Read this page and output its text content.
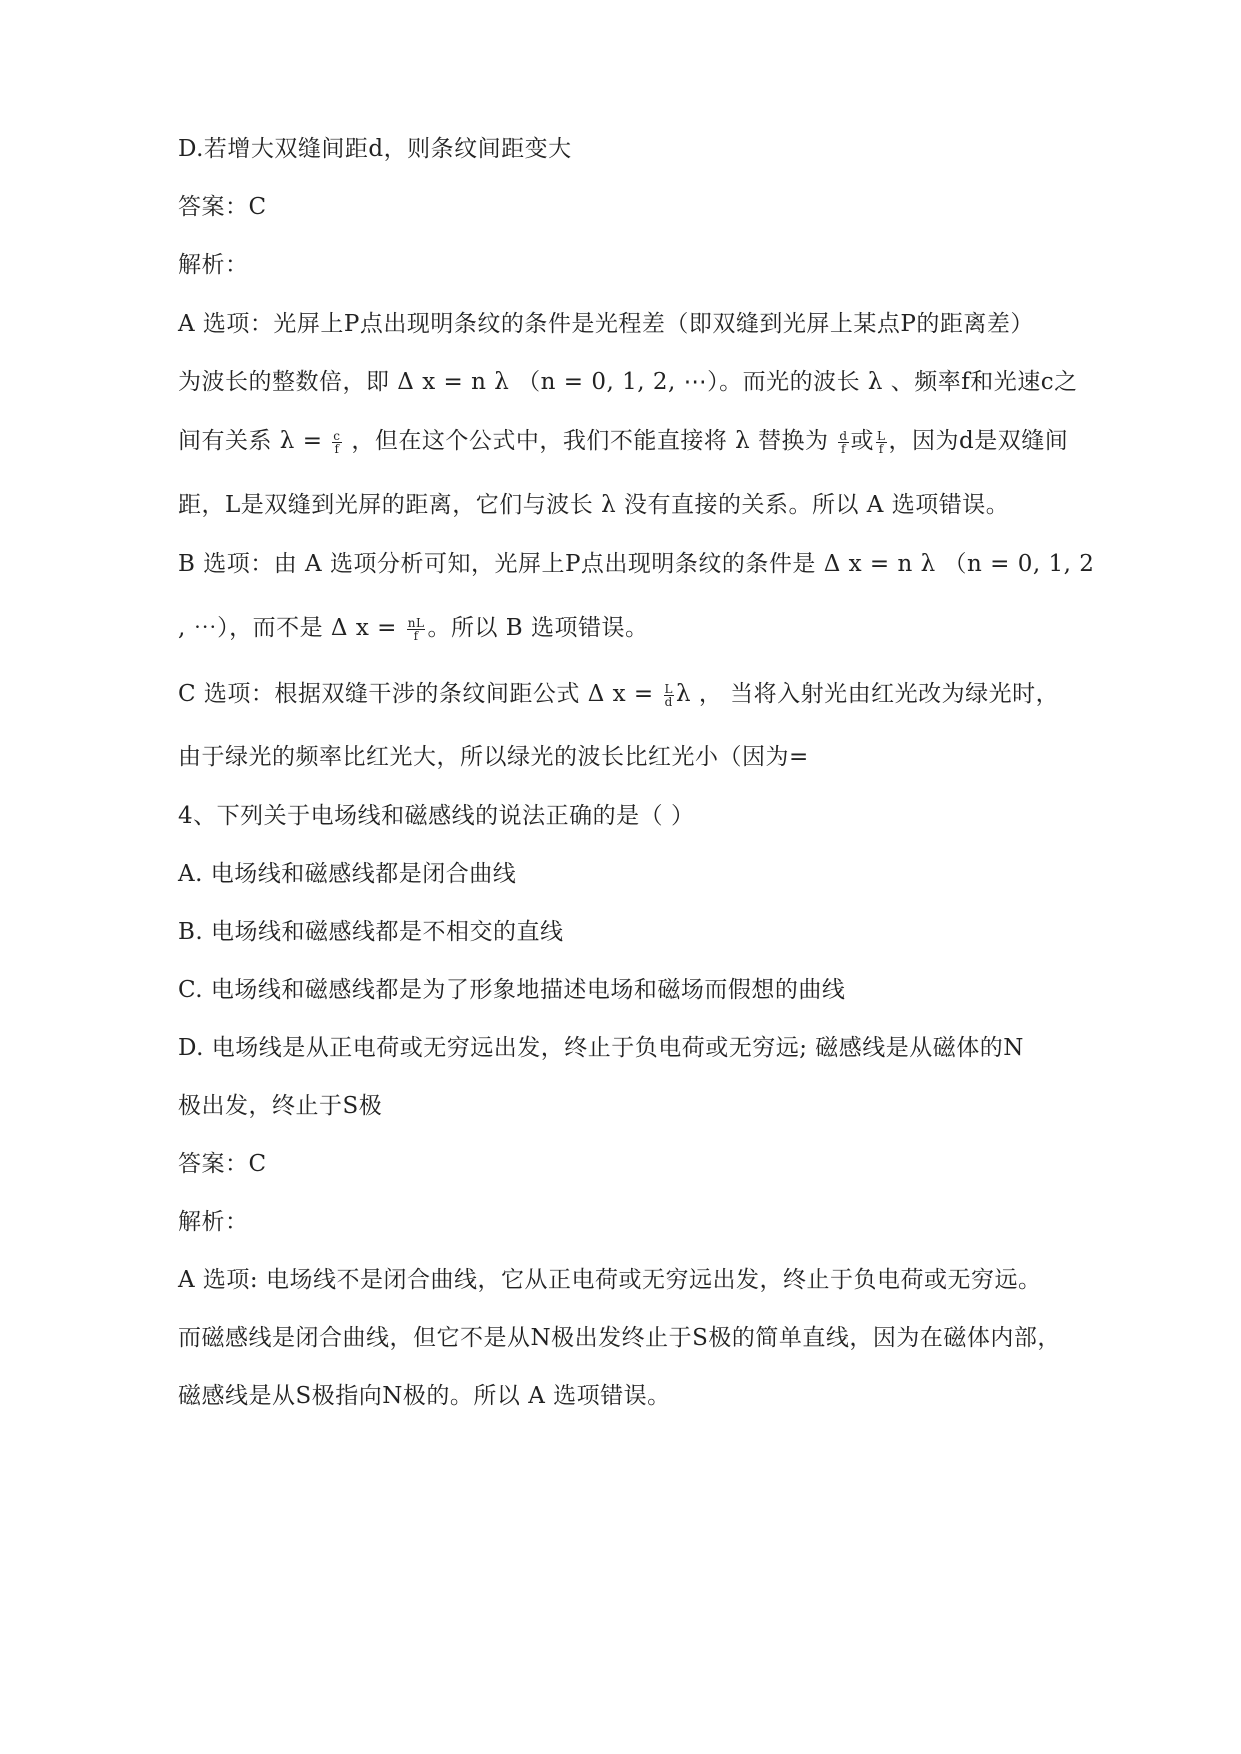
D.若增大双缝间距d，则条纹间距变大
答案：C
解析：
A 选项：光屏上P点出现明条纹的条件是光程差（即双缝到光屏上某点P的距离差）
为波长的整数倍，即 Δ x = n λ （n = 0, 1, 2, ⋯）。而光的波长 λ 、频率f和光速c之
间有关系 $\lambda = \frac{c}{f}$ ，但在这个公式中，我们不能直接将 λ 替换为 $\frac{d}{f}$ 或 $\frac{L}{f}$ ，因为d是双缝间
距，L是双缝到光屏的距离，它们与波长 λ 没有直接的关系。所以 A 选项错误。
B 选项：由 A 选项分析可知，光屏上P点出现明条纹的条件是 Δ x = n λ （n = 0, 1, 2
, ⋯），而不是 Δ $x = \frac{nL}{f}$ 。所以 B 选项错误。
C 选项：根据双缝干涉的条纹间距公式 Δ $x = \frac{L}{d}$ λ ， 当将入射光由红光改为绿光时，
由于绿光的频率比红光大，所以绿光的波长比红光小（因为=
4、下列关于电场线和磁感线的说法正确的是（ ）
A. 电场线和磁感线都是闭合曲线
B. 电场线和磁感线都是不相交的直线
C. 电场线和磁感线都是为了形象地描述电场和磁场而假想的曲线
D. 电场线是从正电荷或无穷远出发，终止于负电荷或无穷远; 磁感线是从磁体的N
极出发，终止于S极
答案：C
解析：
A 选项: 电场线不是闭合曲线，它从正电荷或无穷远出发，终止于负电荷或无穷远。
而磁感线是闭合曲线，但它不是从N极出发终止于S极的简单直线，因为在磁体内部，
磁感线是从S极指向N极的。所以 A 选项错误。
